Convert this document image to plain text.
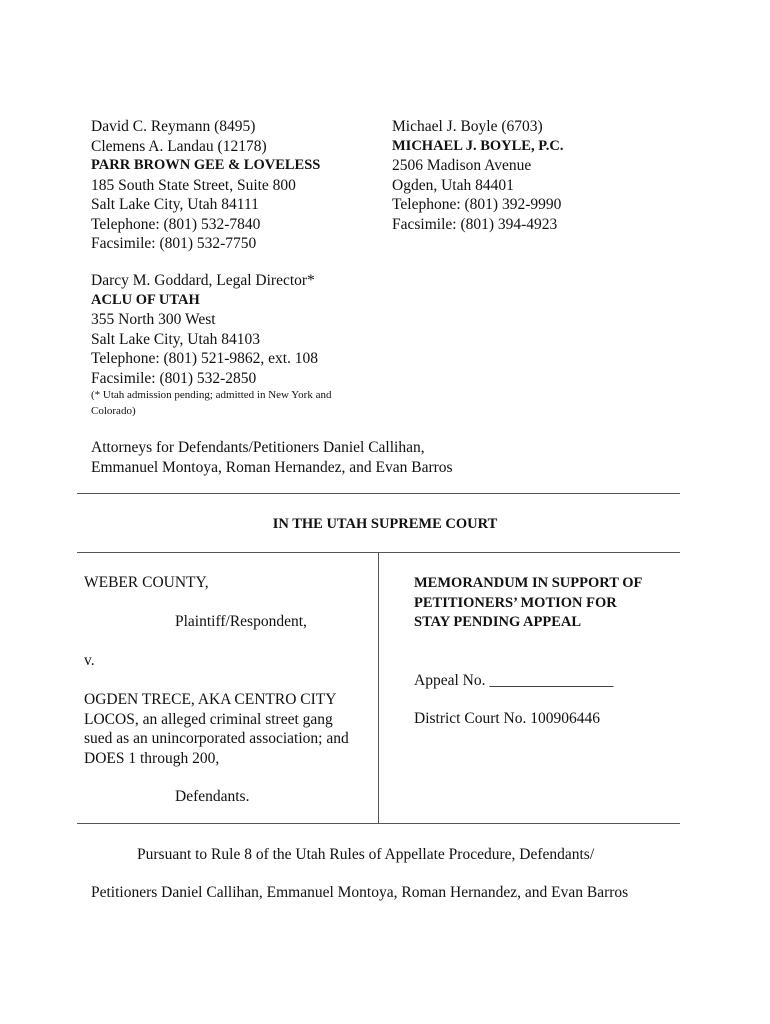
David C. Reymann (8495)
Clemens A. Landau (12178)
PARR BROWN GEE & LOVELESS
185 South State Street, Suite 800
Salt Lake City, Utah 84111
Telephone: (801) 532-7840
Facsimile: (801) 532-7750
Michael J. Boyle (6703)
MICHAEL J. BOYLE, P.C.
2506 Madison Avenue
Ogden, Utah 84401
Telephone: (801) 392-9990
Facsimile: (801) 394-4923
Darcy M. Goddard, Legal Director*
ACLU OF UTAH
355 North 300 West
Salt Lake City, Utah 84103
Telephone: (801) 521-9862, ext. 108
Facsimile: (801) 532-2850
(* Utah admission pending; admitted in New York and
Colorado)
Attorneys for Defendants/Petitioners Daniel Callihan,
Emmanuel Montoya, Roman Hernandez, and Evan Barros
IN THE UTAH SUPREME COURT
WEBER COUNTY,
Plaintiff/Respondent,
v.
OGDEN TRECE, AKA CENTRO CITY
LOCOS, an alleged criminal street gang
sued as an unincorporated association; and
DOES 1 through 200,
Defendants.
MEMORANDUM IN SUPPORT OF
PETITIONERS’ MOTION FOR
STAY PENDING APPEAL
Appeal No. ________________
District Court No. 100906446
Pursuant to Rule 8 of the Utah Rules of Appellate Procedure, Defendants/
Petitioners Daniel Callihan, Emmanuel Montoya, Roman Hernandez, and Evan Barros
